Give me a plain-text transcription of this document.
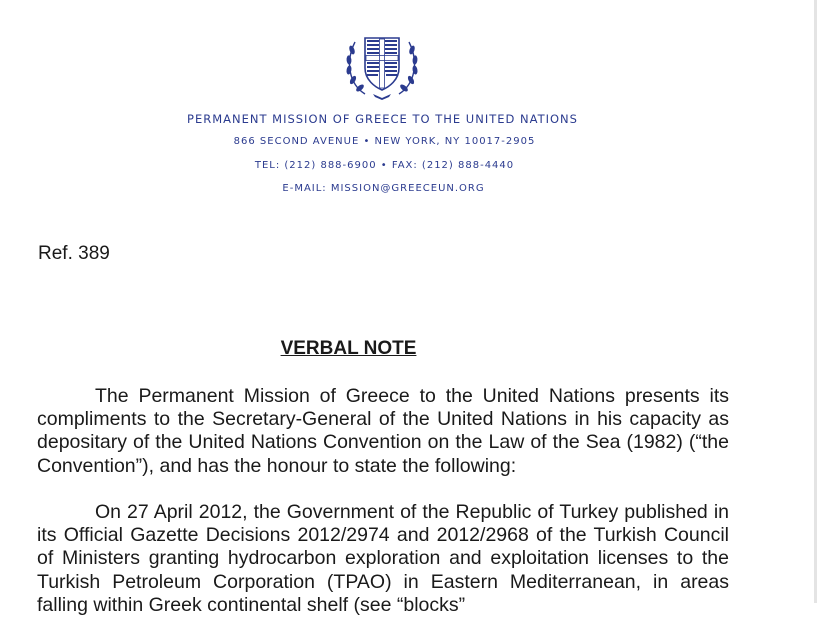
PERMANENT MISSION OF GREECE TO THE UNITED NATIONS
866 SECOND AVENUE • NEW YORK, NY 10017-2905
TEL: (212) 888-6900 • FAX: (212) 888-4440
E-MAIL: MISSION@GREECEUN.ORG
Ref. 389
VERBAL NOTE

The Permanent Mission of Greece to the United Nations presents its compliments to the Secretary-General of the United Nations in his capacity as depositary of the United Nations Convention on the Law of the Sea (1982) (“the Convention”), and has the honour to state the following:

On 27 April 2012, the Government of the Republic of Turkey published in its Official Gazette Decisions 2012/2974 and 2012/2968 of the Turkish Council of Ministers granting hydrocarbon exploration and exploitation licenses to the Turkish Petroleum Corporation (TPAO) in Eastern Mediterranean, in areas falling within Greek continental shelf (see “blocks”
